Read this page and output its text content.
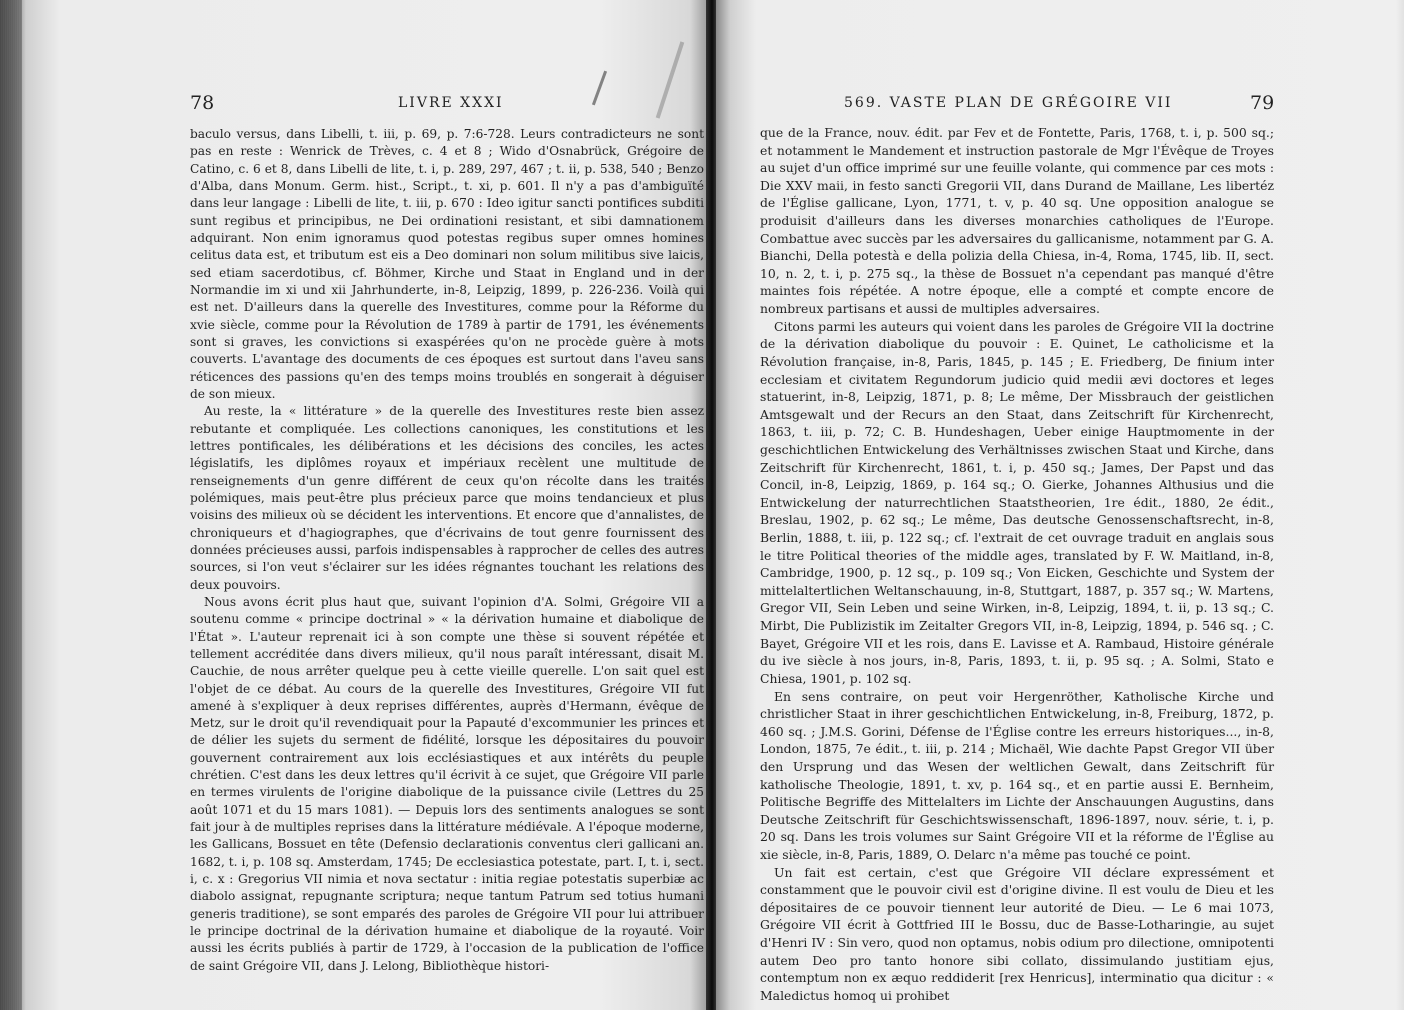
78	LIVRE XXXI

baculo versus, dans Libelli, t. iii, p. 69, p. 7:6-728. Leurs contradicteurs ne sont pas en reste : Wenrick de Trèves, c. 4 et 8 ; Wido d'Osnabrück, Grégoire de Catino, c. 6 et 8, dans Libelli de lite, t. i, p. 289, 297, 467 ; t. ii, p. 538, 540 ; Benzo d'Alba, dans Monum. Germ. hist., Script., t. xi, p. 601. Il n'y a pas d'ambiguïté dans leur langage : Libelli de lite, t. iii, p. 670 : Ideo igitur sancti pontifices subditi sunt regibus et principibus, ne Dei ordinationi resistant, et sibi damnationem adquirant. Non enim ignoramus quod potestas regibus super omnes homines celitus data est, et tributum est eis a Deo dominari non solum militibus sive laicis, sed etiam sacerdotibus, cf. Böhmer, Kirche und Staat in England und in der Normandie im xi und xii Jahrhunderte, in-8, Leipzig, 1899, p. 226-236. Voilà qui est net. D'ailleurs dans la querelle des Investitures, comme pour la Réforme du xvie siècle, comme pour la Révolution de 1789 à partir de 1791, les événements sont si graves, les convictions si exaspérées qu'on ne procède guère à mots couverts. L'avantage des documents de ces époques est surtout dans l'aveu sans réticences des passions qu'en des temps moins troublés en songerait à déguiser de son mieux.

Au reste, la « littérature » de la querelle des Investitures reste bien assez rebutante et compliquée. Les collections canoniques, les constitutions et les lettres pontificales, les délibérations et les décisions des conciles, les actes législatifs, les diplômes royaux et impériaux recèlent une multitude de renseignements d'un genre différent de ceux qu'on récolte dans les traités polémiques, mais peut-être plus précieux parce que moins tendancieux et plus voisins des milieux où se décident les interventions. Et encore que d'annalistes, de chroniqueurs et d'hagiographes, que d'écrivains de tout genre fournissent des données précieuses aussi, parfois indispensables à rapprocher de celles des autres sources, si l'on veut s'éclairer sur les idées régnantes touchant les relations des deux pouvoirs.

Nous avons écrit plus haut que, suivant l'opinion d'A. Solmi, Grégoire VII a soutenu comme « principe doctrinal » « la dérivation humaine et diabolique de l'État ». L'auteur reprenait ici à son compte une thèse si souvent répétée et tellement accréditée dans divers milieux, qu'il nous paraît intéressant, disait M. Cauchie, de nous arrêter quelque peu à cette vieille querelle. L'on sait quel est l'objet de ce débat. Au cours de la querelle des Investitures, Grégoire VII fut amené à s'expliquer à deux reprises différentes, auprès d'Hermann, évêque de Metz, sur le droit qu'il revendiquait pour la Papauté d'excommunier les princes et de délier les sujets du serment de fidélité, lorsque les dépositaires du pouvoir gouvernent contrairement aux lois ecclésiastiques et aux intérêts du peuple chrétien. C'est dans les deux lettres qu'il écrivit à ce sujet, que Grégoire VII parle en termes virulents de l'origine diabolique de la puissance civile (Lettres du 25 août 1071 et du 15 mars 1081). — Depuis lors des sentiments analogues se sont fait jour à de multiples reprises dans la littérature médiévale. A l'époque moderne, les Gallicans, Bossuet en tête (Defensio declarationis conventus cleri gallicani an. 1682, t. i, p. 108 sq. Amsterdam, 1745; De ecclesiastica potestate, part. I, t. i, sect. i, c. x : Gregorius VII nimia et nova sectatur : initia regiae potestatis superbiæ ac diabolo assignat, repugnante scriptura; neque tantum Patrum sed totius humani generis traditione), se sont emparés des paroles de Grégoire VII pour lui attribuer le principe doctrinal de la dérivation humaine et diabolique de la royauté. Voir aussi les écrits publiés à partir de 1729, à l'occasion de la publication de l'office de saint Grégoire VII, dans J. Lelong, Bibliothèque histori-

569. VASTE PLAN DE GRÉGOIRE VII	79

que de la France, nouv. édit. par Fev et de Fontette, Paris, 1768, t. i, p. 500 sq.; et notamment le Mandement et instruction pastorale de Mgr l'Évêque de Troyes au sujet d'un office imprimé sur une feuille volante, qui commence par ces mots : Die XXV maii, in festo sancti Gregorii VII, dans Durand de Maillane, Les libertéz de l'Église gallicane, Lyon, 1771, t. v, p. 40 sq. Une opposition analogue se produisit d'ailleurs dans les diverses monarchies catholiques de l'Europe. Combattue avec succès par les adversaires du gallicanisme, notamment par G. A. Bianchi, Della potestà e della polizia della Chiesa, in-4, Roma, 1745, lib. II, sect. 10, n. 2, t. i, p. 275 sq., la thèse de Bossuet n'a cependant pas manqué d'être maintes fois répétée. A notre époque, elle a compté et compte encore de nombreux partisans et aussi de multiples adversaires.

Citons parmi les auteurs qui voient dans les paroles de Grégoire VII la doctrine de la dérivation diabolique du pouvoir : E. Quinet, Le catholicisme et la Révolution française, in-8, Paris, 1845, p. 145 ; E. Friedberg, De finium inter ecclesiam et civitatem Regundorum judicio quid medii ævi doctores et leges statuerint, in-8, Leipzig, 1871, p. 8; Le même, Der Missbrauch der geistlichen Amtsgewalt und der Recurs an den Staat, dans Zeitschrift für Kirchenrecht, 1863, t. iii, p. 72; C. B. Hundeshagen, Ueber einige Hauptmomente in der geschichtlichen Entwickelung des Verhältnisses zwischen Staat und Kirche, dans Zeitschrift für Kirchenrecht, 1861, t. i, p. 450 sq.; James, Der Papst und das Concil, in-8, Leipzig, 1869, p. 164 sq.; O. Gierke, Johannes Althusius und die Entwickelung der naturrechtlichen Staatstheorien, 1re édit., 1880, 2e édit., Breslau, 1902, p. 62 sq.; Le même, Das deutsche Genossenschaftsrecht, in-8, Berlin, 1888, t. iii, p. 122 sq.; cf. l'extrait de cet ouvrage traduit en anglais sous le titre Political theories of the middle ages, translated by F. W. Maitland, in-8, Cambridge, 1900, p. 12 sq., p. 109 sq.; Von Eicken, Geschichte und System der mittelaltertlichen Weltanschauung, in-8, Stuttgart, 1887, p. 357 sq.; W. Martens, Gregor VII, Sein Leben und seine Wirken, in-8, Leipzig, 1894, t. ii, p. 13 sq.; C. Mirbt, Die Publizistik im Zeitalter Gregors VII, in-8, Leipzig, 1894, p. 546 sq. ; C. Bayet, Grégoire VII et les rois, dans E. Lavisse et A. Rambaud, Histoire générale du ive siècle à nos jours, in-8, Paris, 1893, t. ii, p. 95 sq. ; A. Solmi, Stato e Chiesa, 1901, p. 102 sq.

En sens contraire, on peut voir Hergenröther, Katholische Kirche und christlicher Staat in ihrer geschichtlichen Entwickelung, in-8, Freiburg, 1872, p. 460 sq. ; J.M.S. Gorini, Défense de l'Église contre les erreurs historiques..., in-8, London, 1875, 7e édit., t. iii, p. 214 ; Michaël, Wie dachte Papst Gregor VII über den Ursprung und das Wesen der weltlichen Gewalt, dans Zeitschrift für katholische Theologie, 1891, t. xv, p. 164 sq., et en partie aussi E. Bernheim, Politische Begriffe des Mittelalters im Lichte der Anschauungen Augustins, dans Deutsche Zeitschrift für Geschichtswissenschaft, 1896-1897, nouv. série, t. i, p. 20 sq. Dans les trois volumes sur Saint Grégoire VII et la réforme de l'Église au xie siècle, in-8, Paris, 1889, O. Delarc n'a même pas touché ce point.

Un fait est certain, c'est que Grégoire VII déclare expressément et constamment que le pouvoir civil est d'origine divine. Il est voulu de Dieu et les dépositaires de ce pouvoir tiennent leur autorité de Dieu. — Le 6 mai 1073, Grégoire VII écrit à Gottfried III le Bossu, duc de Basse-Lotharingie, au sujet d'Henri IV : Sin vero, quod non optamus, nobis odium pro dilectione, omnipotenti autem Deo pro tanto honore sibi collato, dissimulando justitiam ejus, contemptum non ex æquo reddiderit [rex Henricus], interminatio qua dicitur : « Maledictus homoq ui prohibet
